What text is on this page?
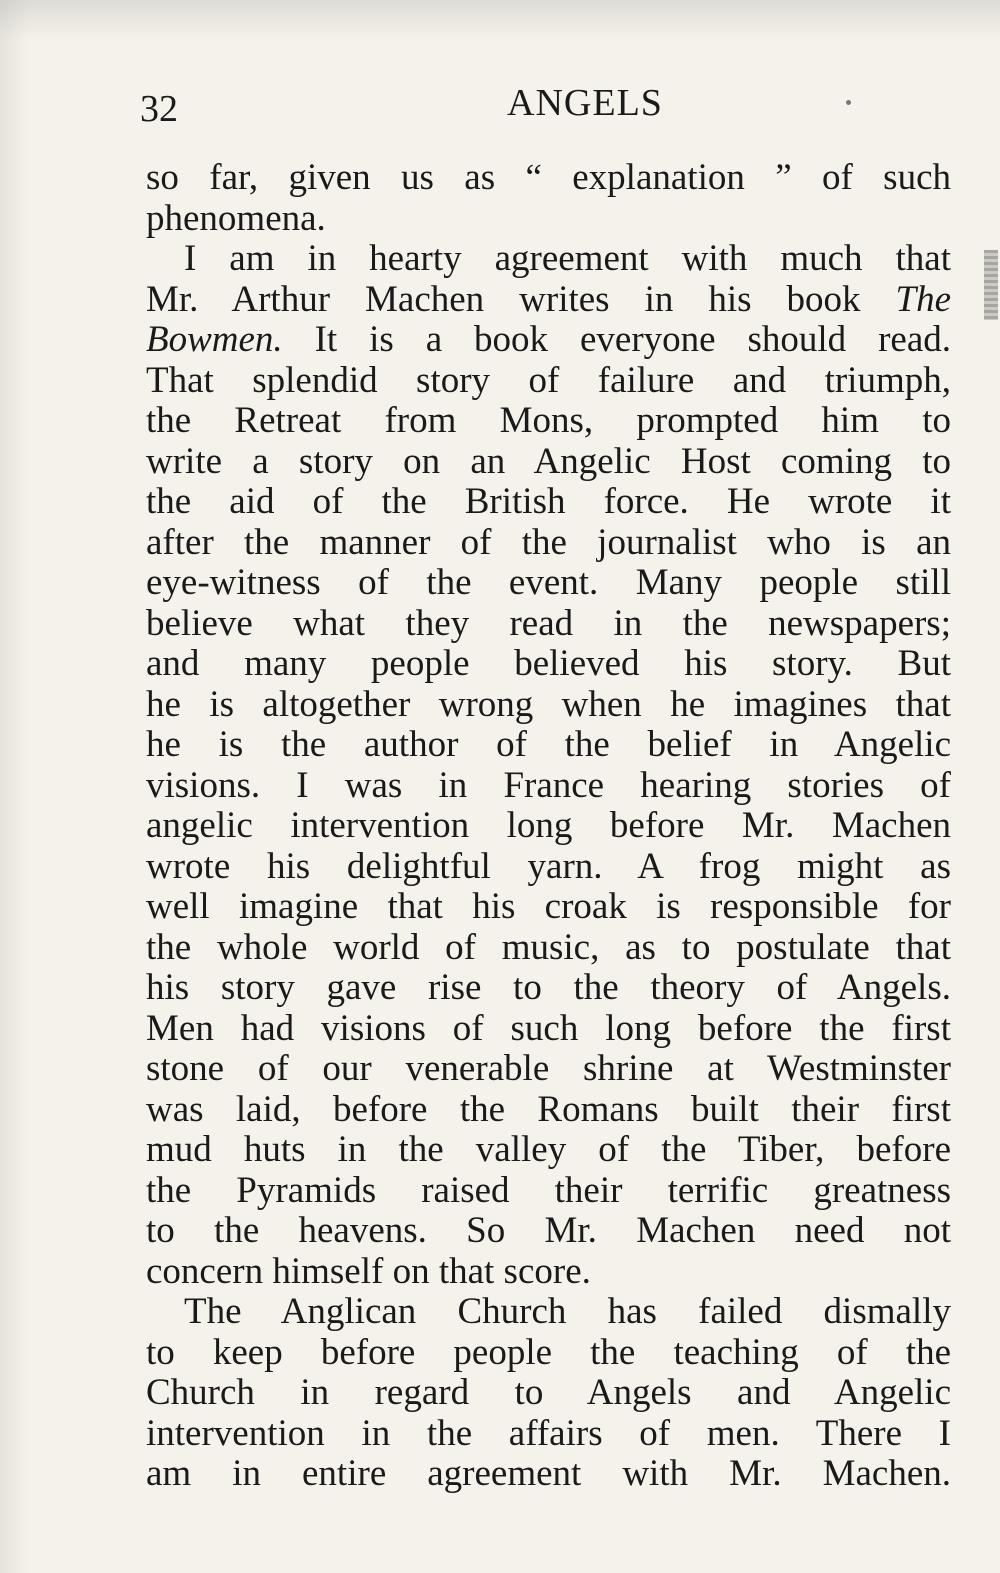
32	ANGELS
so far, given us as “ explanation ” of such
phenomena.
I am in hearty agreement with much that
Mr. Arthur Machen writes in his book The
Bowmen. It is a book everyone should read.
That splendid story of failure and triumph,
the Retreat from Mons, prompted him to
write a story on an Angelic Host coming to
the aid of the British force. He wrote it
after the manner of the journalist who is an
eye-witness of the event. Many people still
believe what they read in the newspapers;
and many people believed his story. But
he is altogether wrong when he imagines that
he is the author of the belief in Angelic
visions. I was in France hearing stories of
angelic intervention long before Mr. Machen
wrote his delightful yarn. A frog might as
well imagine that his croak is responsible for
the whole world of music, as to postulate that
his story gave rise to the theory of Angels.
Men had visions of such long before the first
stone of our venerable shrine at Westminster
was laid, before the Romans built their first
mud huts in the valley of the Tiber, before
the Pyramids raised their terrific greatness
to the heavens. So Mr. Machen need not
concern himself on that score.
The Anglican Church has failed dismally
to keep before people the teaching of the
Church in regard to Angels and Angelic
intervention in the affairs of men. There I
am in entire agreement with Mr. Machen.
